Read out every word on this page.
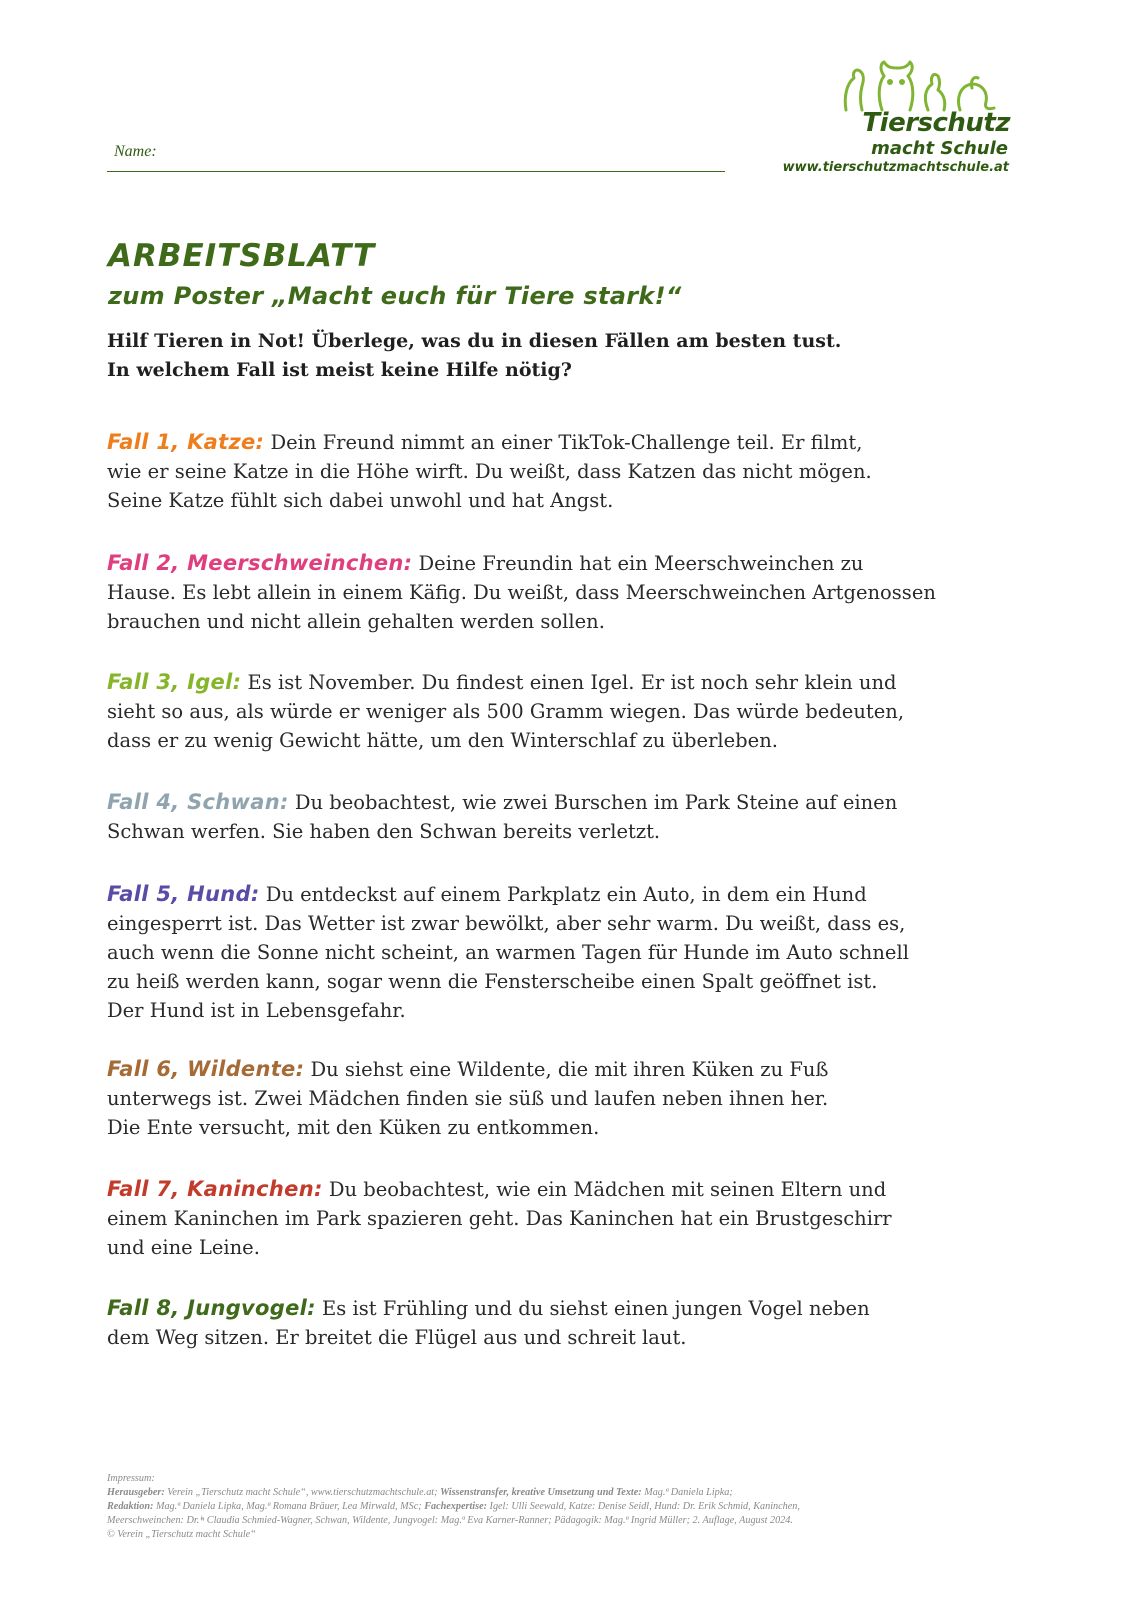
Name:
Tierschutz
macht Schule
www.tierschutzmachtschule.at
ARBEITSBLATT
zum Poster „Macht euch für Tiere stark!“
Hilf Tieren in Not! Überlege, was du in diesen Fällen am besten tust.
In welchem Fall ist meist keine Hilfe nötig?
Fall 1, Katze: Dein Freund nimmt an einer TikTok-Challenge teil. Er filmt,
wie er seine Katze in die Höhe wirft. Du weißt, dass Katzen das nicht mögen.
Seine Katze fühlt sich dabei unwohl und hat Angst.
Fall 2, Meerschweinchen: Deine Freundin hat ein Meerschweinchen zu
Hause. Es lebt allein in einem Käfig. Du weißt, dass Meerschweinchen Artgenossen
brauchen und nicht allein gehalten werden sollen.
Fall 3, Igel: Es ist November. Du findest einen Igel. Er ist noch sehr klein und
sieht so aus, als würde er weniger als 500 Gramm wiegen. Das würde bedeuten,
dass er zu wenig Gewicht hätte, um den Winterschlaf zu überleben.
Fall 4, Schwan: Du beobachtest, wie zwei Burschen im Park Steine auf einen
Schwan werfen. Sie haben den Schwan bereits verletzt.
Fall 5, Hund: Du entdeckst auf einem Parkplatz ein Auto, in dem ein Hund
eingesperrt ist. Das Wetter ist zwar bewölkt, aber sehr warm. Du weißt, dass es,
auch wenn die Sonne nicht scheint, an warmen Tagen für Hunde im Auto schnell
zu heiß werden kann, sogar wenn die Fensterscheibe einen Spalt geöffnet ist.
Der Hund ist in Lebensgefahr.
Fall 6, Wildente: Du siehst eine Wildente, die mit ihren Küken zu Fuß
unterwegs ist. Zwei Mädchen finden sie süß und laufen neben ihnen her.
Die Ente versucht, mit den Küken zu entkommen.
Fall 7, Kaninchen: Du beobachtest, wie ein Mädchen mit seinen Eltern und
einem Kaninchen im Park spazieren geht. Das Kaninchen hat ein Brustgeschirr
und eine Leine.
Fall 8, Jungvogel: Es ist Frühling und du siehst einen jungen Vogel neben
dem Weg sitzen. Er breitet die Flügel aus und schreit laut.
Impressum:
Herausgeber: Verein „Tierschutz macht Schule“, www.tierschutzmachtschule.at; Wissenstransfer, kreative Umsetzung und Texte: Mag.ª Daniela Lipka;
Redaktion: Mag.ª Daniela Lipka, Mag.ª Romana Bräuer, Lea Mirwald, MSc; Fachexpertise: Igel: Ulli Seewald, Katze: Denise Seidl, Hund: Dr. Erik Schmid, Kaninchen,
Meerschweinchen: Dr.ⁱⁿ Claudia Schmied-Wagner, Schwan, Wildente, Jungvogel: Mag.ª Eva Karner-Ranner; Pädagogik: Mag.ª Ingrid Müller; 2. Auflage, August 2024.
© Verein „Tierschutz macht Schule“
